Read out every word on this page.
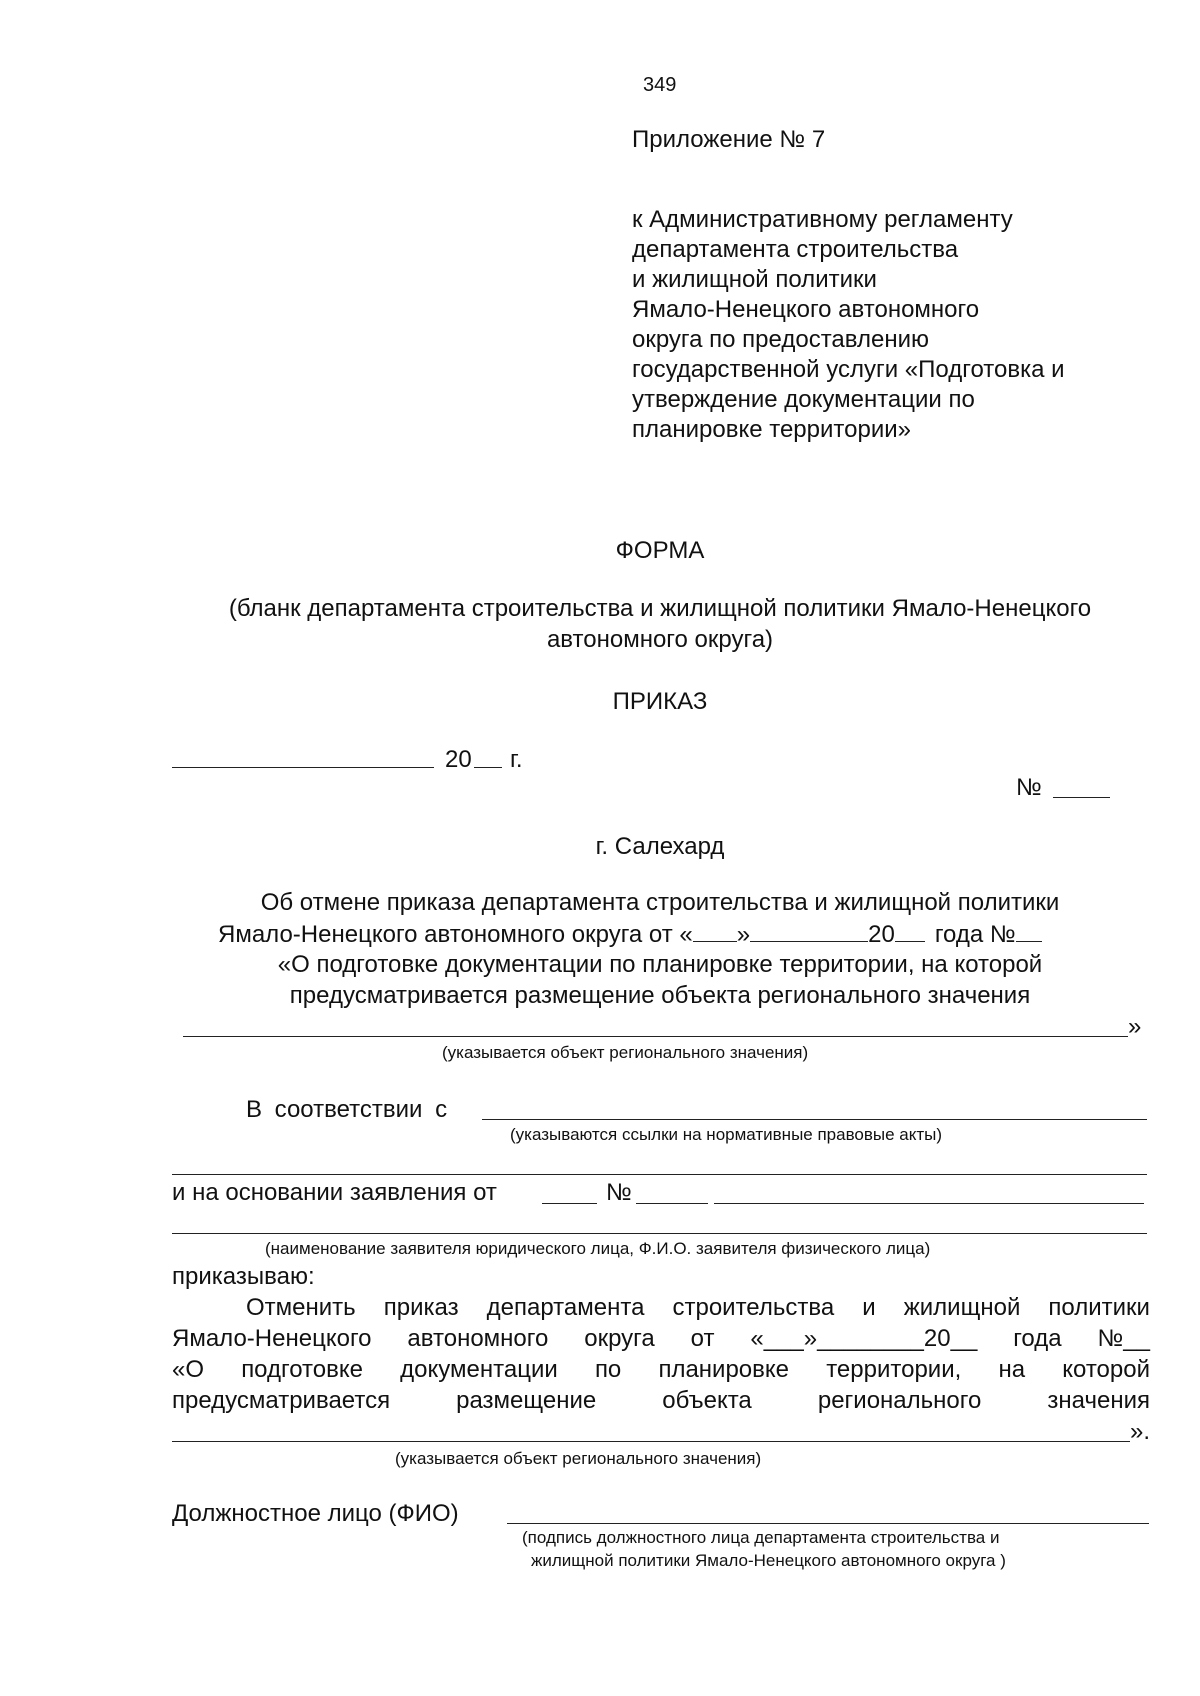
349
Приложение № 7
к Административному регламенту
департамента строительства
и жилищной политики
Ямало-Ненецкого автономного
округа по предоставлению
государственной услуги «Подготовка и
утверждение документации по
планировке территории»
ФОРМА
(бланк департамента строительства и жилищной политики Ямало-Ненецкого
автономного округа)
ПРИКАЗ
20 г.
№
г. Салехард
Об отмене приказа департамента строительства и жилищной политики
Ямало-Ненецкого автономного округа от « »	20 года №
«О подготовке документации по планировке территории, на которой
предусматривается размещение объекта регионального значения
»
(указывается объект регионального значения)
В соответствии с
(указываются ссылки на нормативные правовые акты)
и на основании заявления от	№
(наименование заявителя юридического лица, Ф.И.О. заявителя физического лица)
приказываю:
Отменить приказ департамента строительства и жилищной политики
Ямало-Ненецкого автономного округа от «___»________20__ года №__
«О подготовке документации по планировке территории, на которой
предусматривается	размещение	объекта	регионального	значения
».
(указывается объект регионального значения)
Должностное лицо (ФИО)
(подпись должностного лица департамента строительства и
жилищной политики Ямало-Ненецкого автономного округа )
